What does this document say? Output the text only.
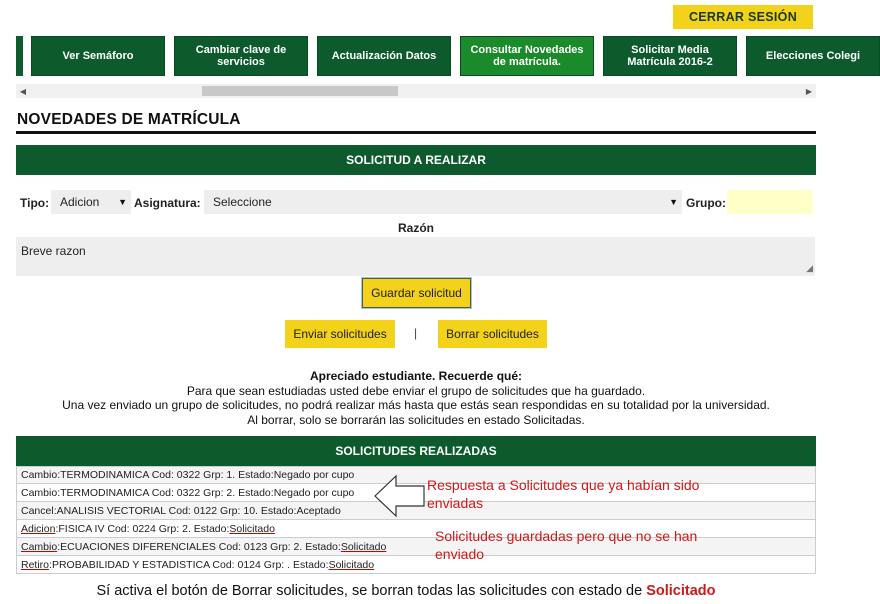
CERRAR SESIÓN
Ver Semáforo	Cambiar clave de servicios	Actualización Datos	Consultar Novedades de matrícula.
Solicitar Media Matrícula 2016-2	Elecciones Colegi
◀	▶
NOVEDADES DE MATRÍCULA
SOLICITUD A REALIZAR
Tipo: Adicion ▼ Asignatura: Seleccione	▼ Grupo:
Razón
Breve razon
◢
Guardar solicitud
Enviar solicitudes	|	Borrar solicitudes
Apreciado estudiante. Recuerde qué:
Para que sean estudiadas usted debe enviar el grupo de solicitudes que ha guardado.
Una vez enviado un grupo de solicitudes, no podrá realizar más hasta que estás sean respondidas en su totalidad por la universidad.
Al borrar, solo se borrarán las solicitudes en estado Solicitadas.
SOLICITUDES REALIZADAS
Cambio : TERMODINAMICA Cod: 0322 Grp: 1. Estado: Negado por cupo
Cambio : TERMODINAMICA Cod: 0322 Grp: 2. Estado: Negado por cupo
Cancel : ANALISIS VECTORIAL Cod: 0122 Grp: 10. Estado: Aceptado
Adicion : FISICA IV Cod: 0224 Grp: 2. Estado: Solicitado
Cambio : ECUACIONES DIFERENCIALES Cod: 0123 Grp: 2. Estado: Solicitado
Retiro : PROBABILIDAD Y ESTADISTICA Cod: 0124 Grp: . Estado: Solicitado
Respuesta a Solicitudes que ya habían sido enviadas
Solicitudes guardadas pero que no se han enviado
Sí activa el botón de Borrar solicitudes, se borran todas las solicitudes con estado de Solicitado
